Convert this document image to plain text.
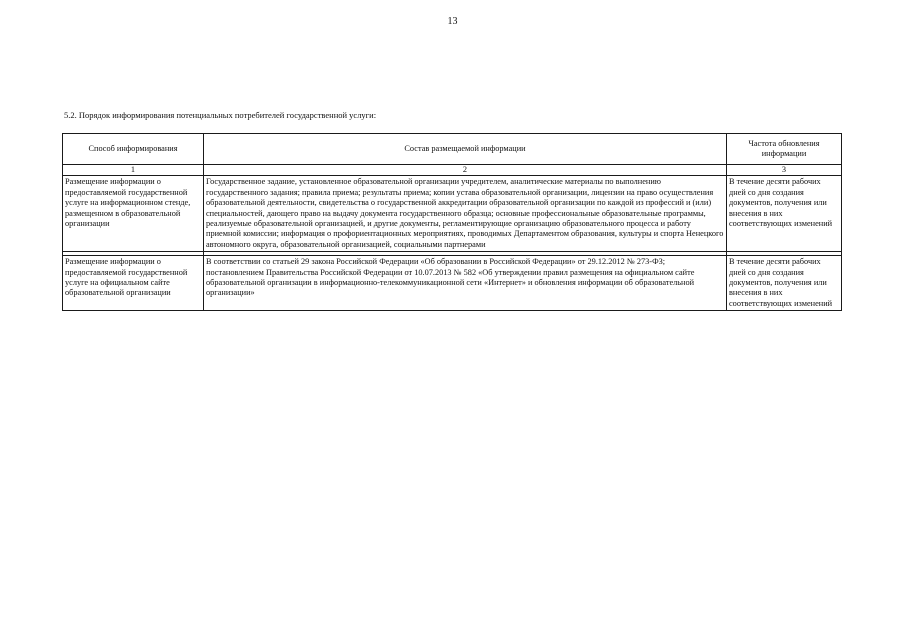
13
5.2. Порядок информирования потенциальных потребителей государственной услуги:
Способ информирования	Состав размещаемой информации	Частота обновления информации
1	2	3

Размещение информации о предоставляемой государственной услуге на информационном стенде, размещенном в образовательной организации	Государственное задание, установленное образовательной организации учредителем, аналитические материалы по выполнению государственного задания; правила приема; результаты приема; копии устава образовательной организации, лицензии на право осуществления образовательной деятельности, свидетельства о государственной аккредитации образовательной организации по каждой из профессий и (или) специальностей, дающего право на выдачу документа государственного образца; основные профессиональные образовательные программы, реализуемые образовательной организацией, и другие документы, регламентирующие организацию образовательного процесса и работу приемной комиссии; информация о профориентационных мероприятиях, проводимых Департаментом образования, культуры и спорта Ненецкого автономного округа, образовательной организацией, социальными партнерами	В течение десяти рабочих дней со дня создания документов, получения или внесения в них соответствующих изменений

Размещение информации о предоставляемой государственной услуге на официальном сайте образовательной организации	В соответствии со статьей 29 закона Российской Федерации «Об образовании в Российской Федерации» от 29.12.2012 № 273-ФЗ; постановлением Правительства Российской Федерации от 10.07.2013 № 582 «Об утверждении правил размещения на официальном сайте образовательной организации в информационно-телекоммуникационной сети «Интернет» и обновления информации об образовательной организации»	В течение десяти рабочих дней со дня создания документов, получения или внесения в них соответствующих изменений
